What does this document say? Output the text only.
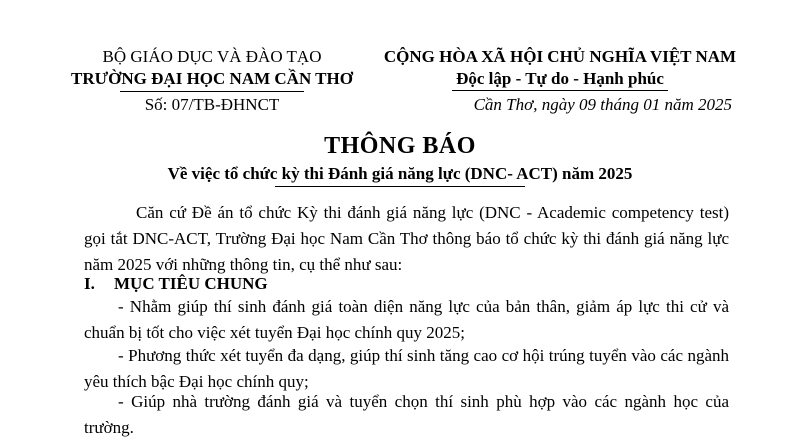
BỘ GIÁO DỤC VÀ ĐÀO TẠO
TRƯỜNG ĐẠI HỌC NAM CẦN THƠ
CỘNG HÒA XÃ HỘI CHỦ NGHĨA VIỆT NAM
Độc lập - Tự do - Hạnh phúc
Số: 07/TB-ĐHNCT	Cần Thơ, ngày 09 tháng 01 năm 2025
THÔNG BÁO
Về việc tổ chức kỳ thi Đánh giá năng lực (DNC- ACT) năm 2025
Căn cứ Đề án tổ chức Kỳ thi đánh giá năng lực (DNC - Academic competency test) gọi tắt DNC-ACT, Trường Đại học Nam Cần Thơ thông báo tổ chức kỳ thi đánh giá năng lực năm 2025 với những thông tin, cụ thể như sau:
I. MỤC TIÊU CHUNG
- Nhằm giúp thí sinh đánh giá toàn diện năng lực của bản thân, giảm áp lực thi cử và chuẩn bị tốt cho việc xét tuyển Đại học chính quy 2025;
- Phương thức xét tuyển đa dạng, giúp thí sinh tăng cao cơ hội trúng tuyển vào các ngành yêu thích bậc Đại học chính quy;
- Giúp nhà trường đánh giá và tuyển chọn thí sinh phù hợp vào các ngành học của trường.
